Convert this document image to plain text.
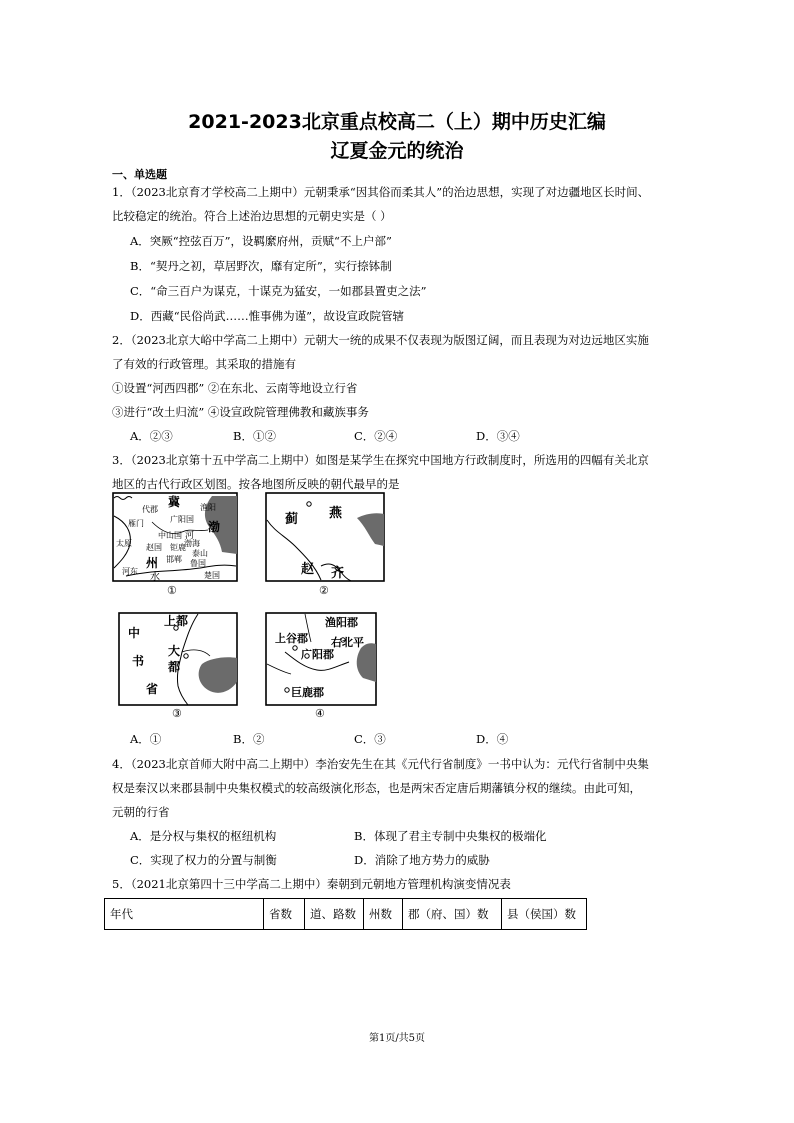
2021-2023北京重点校高二（上）期中历史汇编
辽夏金元的统治
一、单选题
1．（2023北京育才学校高二上期中）元朝秉承“因其俗而柔其人”的治边思想，实现了对边疆地区长时间、
比较稳定的统治。符合上述治边思想的元朝史实是（ ）
A．突厥“控弦百万”，设羁縻府州，贡赋“不上户部”
B．“契丹之初，草居野次，靡有定所”，实行捺钵制
C．“命三百户为谋克，十谋克为猛安，一如郡县置吏之法”
D．西藏“民俗尚武……惟事佛为谨”，故设宣政院管辖
2．（2023北京大峪中学高二上期中）元朝大一统的成果不仅表现为版图辽阔，而且表现为对边远地区实施
了有效的行政管理。其采取的措施有
①设置“河西四郡” ②在东北、云南等地设立行省
③进行“改土归流” ④设宣政院管理佛教和藏族事务
A．②③	B．①②	C．②④	D．③④
3．（2023北京第十五中学高二上期中）如图是某学生在探究中国地方行政制度时，所选用的四幅有关北京
地区的古代行政区划图。按各地图所反映的朝代最早的是
冀
代郡	渔阳
雁门	广阳国
渤
中山国 河
渤海
太原 赵国 钜鹿
泰山
州 邯郸 鲁国
河东
水	楚国
①
蓟 燕
赵 齐
②
上都
中
书
大
都
省
③
渔阳郡
上谷郡 右北平
广阳郡
巨鹿郡
④
A．①	B．②	C．③	D．④
4．（2023北京首师大附中高二上期中）李治安先生在其《元代行省制度》一书中认为：元代行省制中央集
权是秦汉以来郡县制中央集权模式的较高级演化形态，也是两宋否定唐后期藩镇分权的继续。由此可知，
元朝的行省
A．是分权与集权的枢纽机构	B．体现了君主专制中央集权的极端化
C．实现了权力的分置与制衡	D．消除了地方势力的威胁
5．（2021北京第四十三中学高二上期中）秦朝到元朝地方管理机构演变情况表
年代	省数	道、路数	州数	郡（府、国）数	县（侯国）数
第1页/共5页
